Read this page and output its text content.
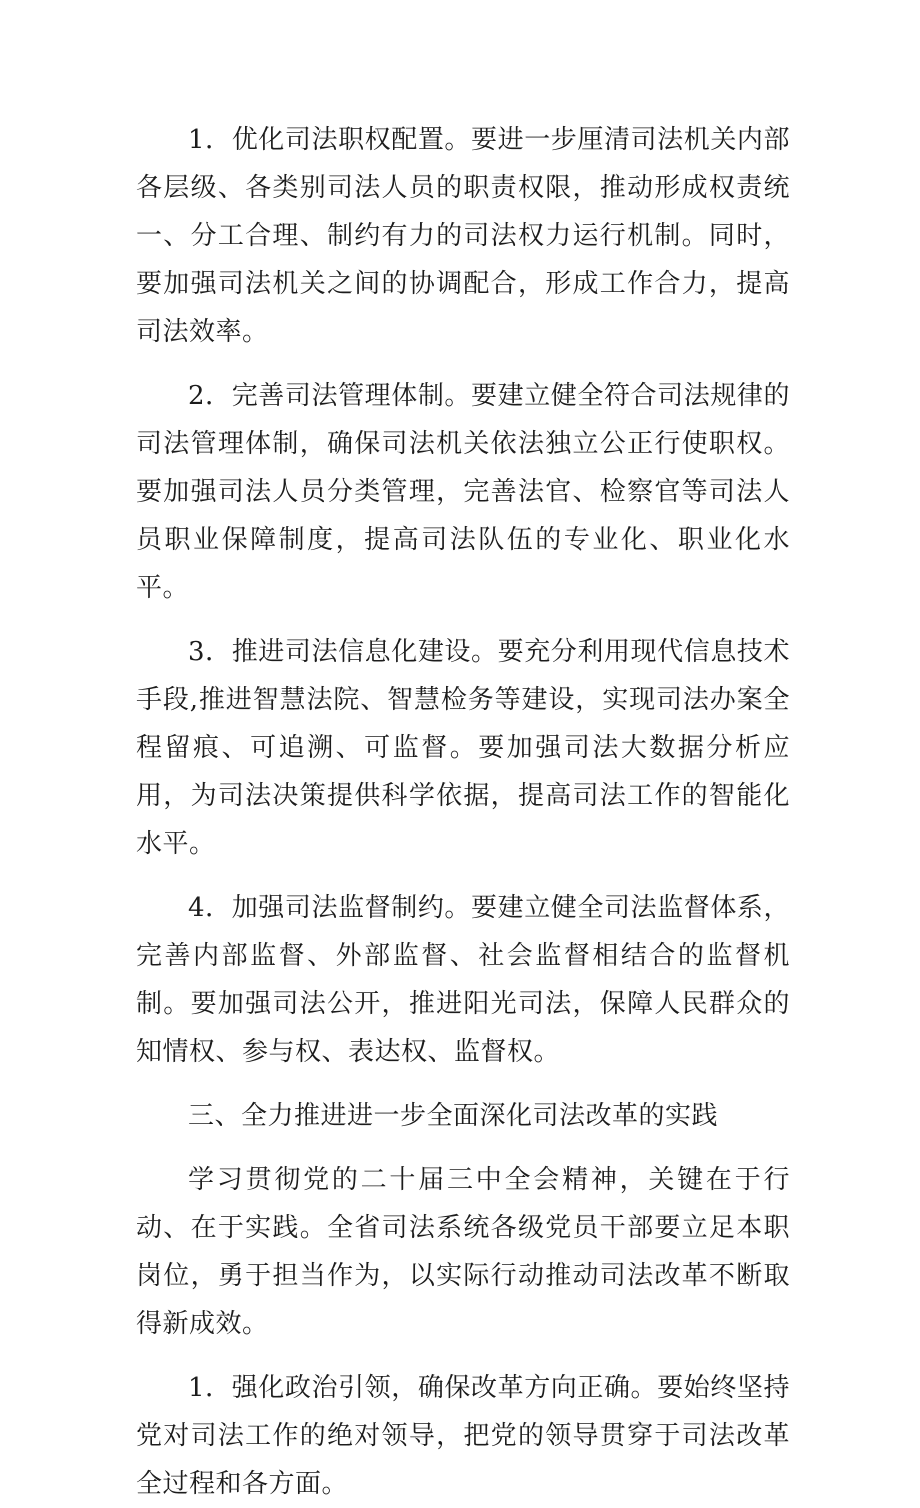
1．优化司法职权配置。要进一步厘清司法机关内部各层级、各类别司法人员的职责权限，推动形成权责统一、分工合理、制约有力的司法权力运行机制。同时，要加强司法机关之间的协调配合，形成工作合力，提高司法效率。

2．完善司法管理体制。要建立健全符合司法规律的司法管理体制，确保司法机关依法独立公正行使职权。要加强司法人员分类管理，完善法官、检察官等司法人员职业保障制度，提高司法队伍的专业化、职业化水平。

3．推进司法信息化建设。要充分利用现代信息技术手段,推进智慧法院、智慧检务等建设，实现司法办案全程留痕、可追溯、可监督。要加强司法大数据分析应用，为司法决策提供科学依据，提高司法工作的智能化水平。

4．加强司法监督制约。要建立健全司法监督体系，完善内部监督、外部监督、社会监督相结合的监督机制。要加强司法公开，推进阳光司法，保障人民群众的知情权、参与权、表达权、监督权。

三、全力推进进一步全面深化司法改革的实践

学习贯彻党的二十届三中全会精神，关键在于行动、在于实践。全省司法系统各级党员干部要立足本职岗位，勇于担当作为，以实际行动推动司法改革不断取得新成效。

1．强化政治引领，确保改革方向正确。要始终坚持党对司法工作的绝对领导，把党的领导贯穿于司法改革全过程和各方面。
